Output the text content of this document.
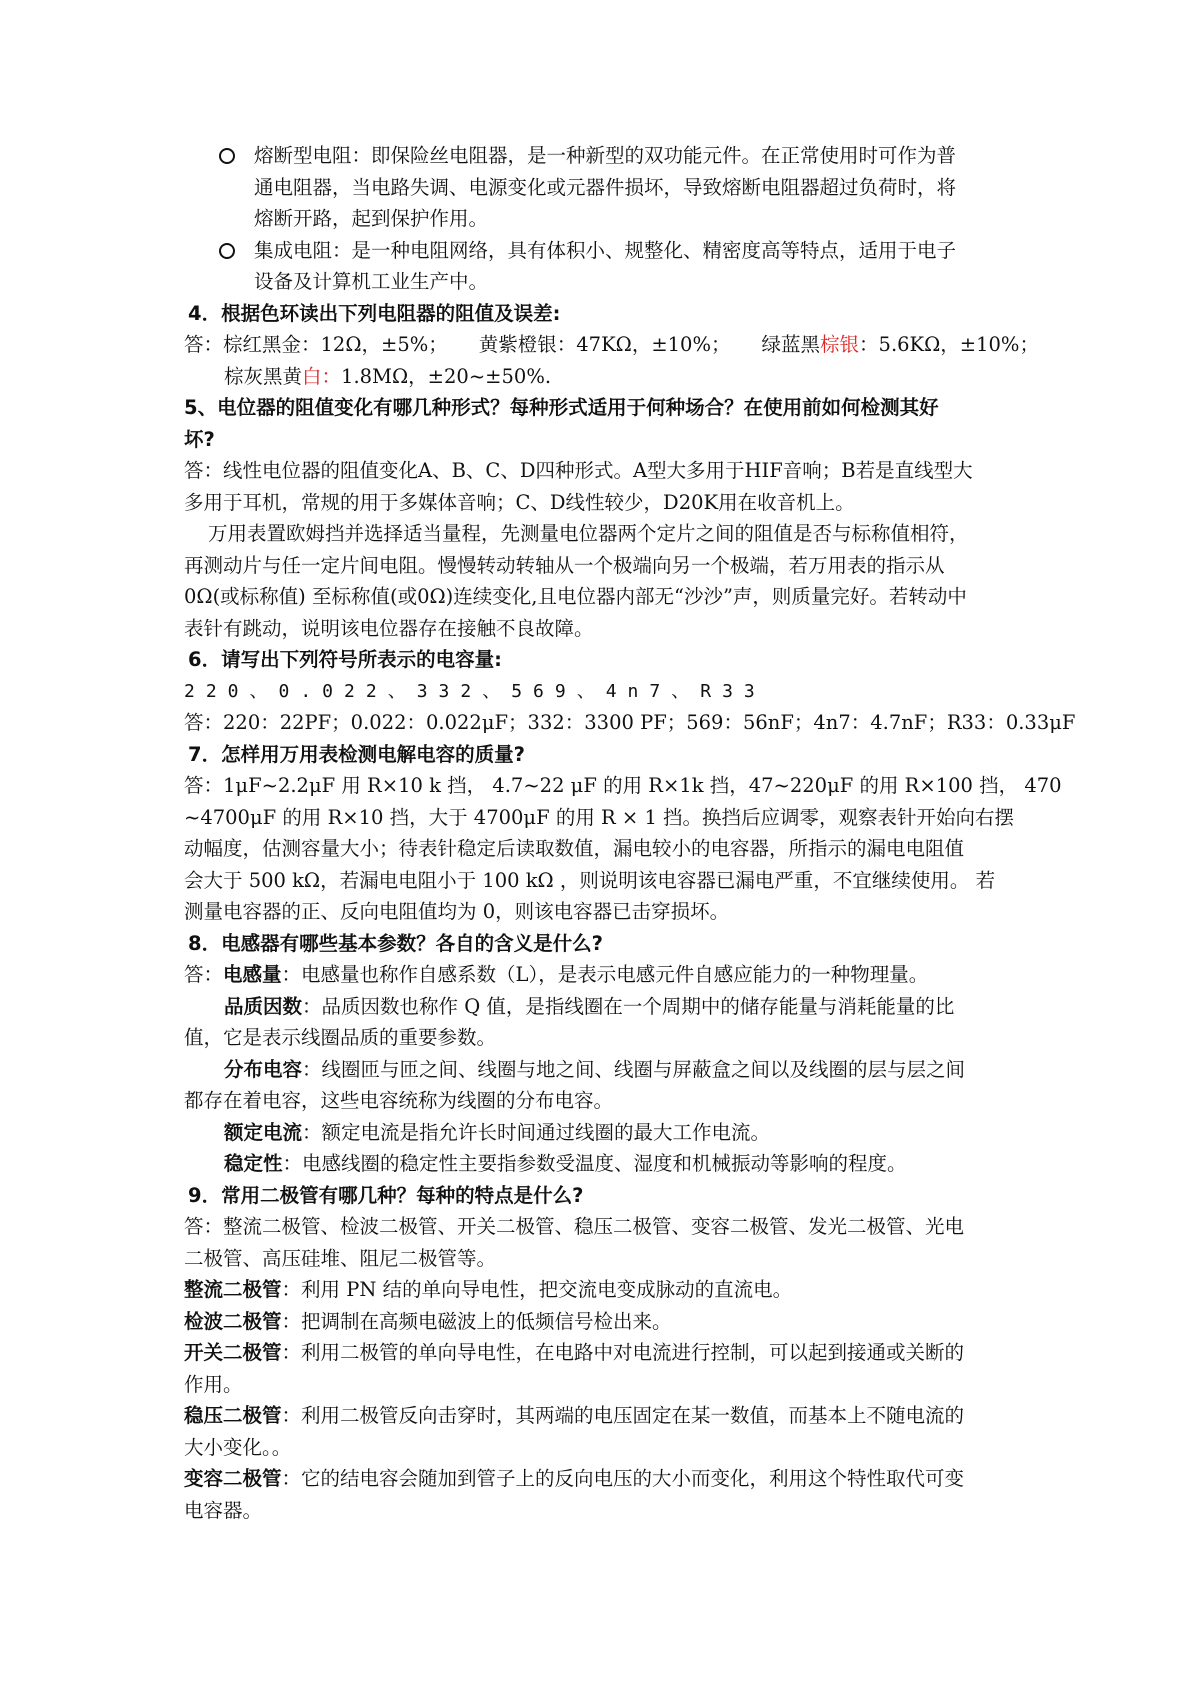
熔断型电阻：即保险丝电阻器，是一种新型的双功能元件。在正常使用时可作为普
通电阻器，当电路失调、电源变化或元器件损坏，导致熔断电阻器超过负荷时，将
熔断开路，起到保护作用。
集成电阻：是一种电阻网络，具有体积小、规整化、精密度高等特点，适用于电子
设备及计算机工业生产中。
4．根据色环读出下列电阻器的阻值及误差:
答：棕红黑金：12Ω，±5%； 黄紫橙银：47KΩ，±10%； 绿蓝黑棕银：5.6KΩ，±10%；
棕灰黑黄白：1.8MΩ，±20~±50%.
5、电位器的阻值变化有哪几种形式？每种形式适用于何种场合？在使用前如何检测其好
坏?
答：线性电位器的阻值变化A、B、C、D四种形式。A型大多用于HIF音响；B若是直线型大
多用于耳机，常规的用于多媒体音响；C、D线性较少，D20K用在收音机上。
万用表置欧姆挡并选择适当量程，先测量电位器两个定片之间的阻值是否与标称值相符，
再测动片与任一定片间电阻。慢慢转动转轴从一个极端向另一个极端，若万用表的指示从
0Ω(或标称值) 至标称值(或0Ω)连续变化,且电位器内部无“沙沙”声，则质量完好。若转动中
表针有跳动，说明该电位器存在接触不良故障。
6．请写出下列符号所表示的电容量:
220、0.022、332、569、4n7、R33
答：220：22PF；0.022：0.022μF；332：3300 PF；569：56nF；4n7：4.7nF；R33：0.33μF
7．怎样用万用表检测电解电容的质量?
答：1μF~2.2μF 用 R×10 k 挡， 4.7~22 μF 的用 R×1k 挡，47~220μF 的用 R×100 挡， 470
~4700μF 的用 R×10 挡，大于 4700μF 的用 R × 1 挡。换挡后应调零，观察表针开始向右摆
动幅度，估测容量大小；待表针稳定后读取数值，漏电较小的电容器，所指示的漏电电阻值
会大于 500 kΩ，若漏电电阻小于 100 kΩ ，则说明该电容器已漏电严重，不宜继续使用。 若
测量电容器的正、反向电阻值均为 0，则该电容器已击穿损坏。
8．电感器有哪些基本参数？各自的含义是什么?
答：电感量：电感量也称作自感系数（L），是表示电感元件自感应能力的一种物理量。
品质因数：品质因数也称作 Q 值，是指线圈在一个周期中的储存能量与消耗能量的比
值，它是表示线圈品质的重要参数。
分布电容：线圈匝与匝之间、线圈与地之间、线圈与屏蔽盒之间以及线圈的层与层之间
都存在着电容，这些电容统称为线圈的分布电容。
额定电流：额定电流是指允许长时间通过线圈的最大工作电流。
稳定性：电感线圈的稳定性主要指参数受温度、湿度和机械振动等影响的程度。
9．常用二极管有哪几种？每种的特点是什么?
答：整流二极管、检波二极管、开关二极管、稳压二极管、变容二极管、发光二极管、光电
二极管、高压硅堆、阻尼二极管等。
整流二极管：利用 PN 结的单向导电性，把交流电变成脉动的直流电。
检波二极管：把调制在高频电磁波上的低频信号检出来。
开关二极管：利用二极管的单向导电性，在电路中对电流进行控制，可以起到接通或关断的
作用。
稳压二极管：利用二极管反向击穿时，其两端的电压固定在某一数值，而基本上不随电流的
大小变化。。
变容二极管：它的结电容会随加到管子上的反向电压的大小而变化，利用这个特性取代可变
电容器。
